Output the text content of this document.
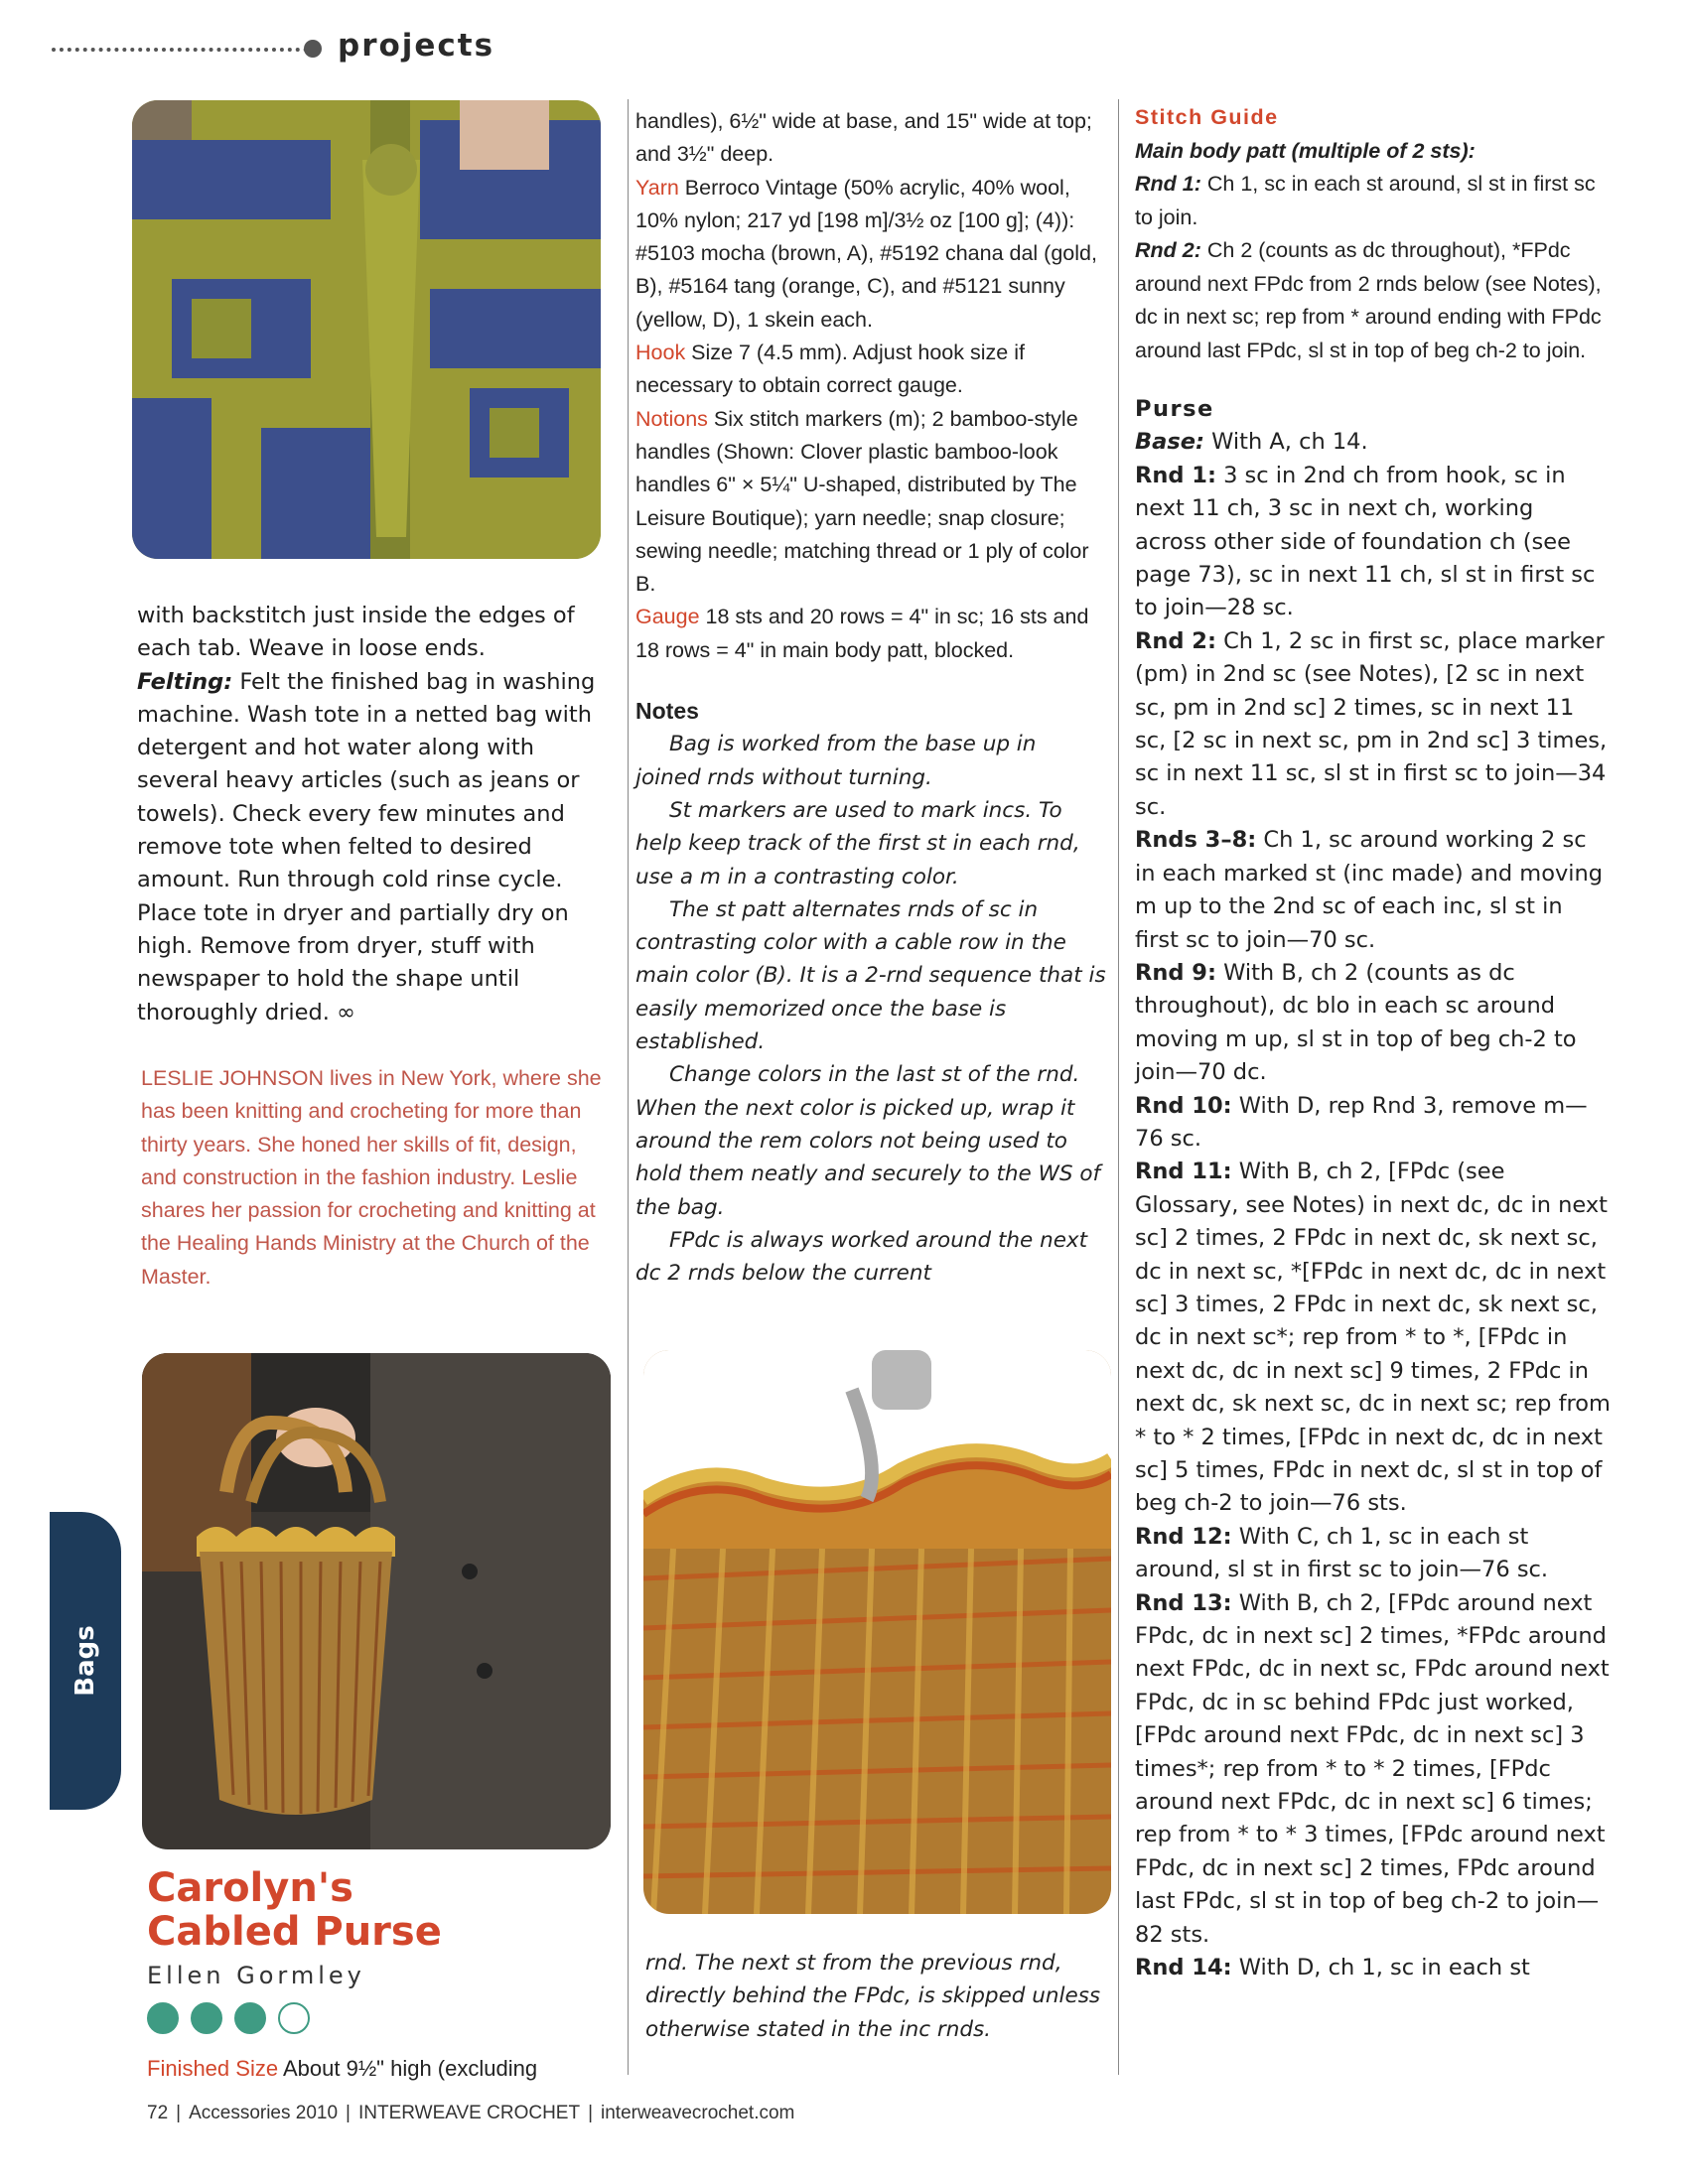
projects

with backstitch just inside the edges of each tab. Weave in loose ends.

Felting: Felt the finished bag in washing machine. Wash tote in a netted bag with detergent and hot water along with several heavy articles (such as jeans or towels). Check every few minutes and remove tote when felted to desired amount. Run through cold rinse cycle. Place tote in dryer and partially dry on high. Remove from dryer, stuff with newspaper to hold the shape until thoroughly dried. ∞

LESLIE JOHNSON lives in New York, where she has been knitting and crocheting for more than thirty years. She honed her skills of fit, design, and construction in the fashion industry. Leslie shares her passion for crocheting and knitting at the Healing Hands Ministry at the Church of the Master.
Bags
Carolyn's
Cabled Purse
Ellen Gormley
Finished Size About 9½" high (excluding

handles), 6½" wide at base, and 15" wide at top; and 3½" deep.

Yarn Berroco Vintage (50% acrylic, 40% wool, 10% nylon; 217 yd [198 m]/3½ oz [100 g]; (4)): #5103 mocha (brown, A), #5192 chana dal (gold, B), #5164 tang (orange, C), and #5121 sunny (yellow, D), 1 skein each.

Hook Size 7 (4.5 mm). Adjust hook size if necessary to obtain correct gauge.

Notions Six stitch markers (m); 2 bamboo-style handles (Shown: Clover plastic bamboo-look handles 6" × 5¼" U-shaped, distributed by The Leisure Boutique); yarn needle; snap closure; sewing needle; matching thread or 1 ply of color B.

Gauge 18 sts and 20 rows = 4" in sc; 16 sts and 18 rows = 4" in main body patt, blocked.

Notes

Bag is worked from the base up in joined rnds without turning.

St markers are used to mark incs. To help keep track of the first st in each rnd, use a m in a contrasting color.

The st patt alternates rnds of sc in contrasting color with a cable row in the main color (B). It is a 2-rnd sequence that is easily memorized once the base is established.

Change colors in the last st of the rnd. When the next color is picked up, wrap it around the rem colors not being used to hold them neatly and securely to the WS of the bag.

FPdc is always worked around the next dc 2 rnds below the current

rnd. The next st from the previous rnd, directly behind the FPdc, is skipped unless otherwise stated in the inc rnds.

Stitch Guide

Main body patt (multiple of 2 sts):

Rnd 1: Ch 1, sc in each st around, sl st in first sc to join.

Rnd 2: Ch 2 (counts as dc throughout), *FPdc around next FPdc from 2 rnds below (see Notes), dc in next sc; rep from * around ending with FPdc around last FPdc, sl st in top of beg ch-2 to join.

Purse

Base: With A, ch 14.

Rnd 1: 3 sc in 2nd ch from hook, sc in next 11 ch, 3 sc in next ch, working across other side of foundation ch (see page 73), sc in next 11 ch, sl st in first sc to join—28 sc.

Rnd 2: Ch 1, 2 sc in first sc, place marker (pm) in 2nd sc (see Notes), [2 sc in next sc, pm in 2nd sc] 2 times, sc in next 11 sc, [2 sc in next sc, pm in 2nd sc] 3 times, sc in next 11 sc, sl st in first sc to join—34 sc.

Rnds 3–8: Ch 1, sc around working 2 sc in each marked st (inc made) and moving m up to the 2nd sc of each inc, sl st in first sc to join—70 sc.

Rnd 9: With B, ch 2 (counts as dc throughout), dc blo in each sc around moving m up, sl st in top of beg ch-2 to join—70 dc.

Rnd 10: With D, rep Rnd 3, remove m—76 sc.

Rnd 11: With B, ch 2, [FPdc (see Glossary, see Notes) in next dc, dc in next sc] 2 times, 2 FPdc in next dc, sk next sc, dc in next sc, *[FPdc in next dc, dc in next sc] 3 times, 2 FPdc in next dc, sk next sc, dc in next sc*; rep from * to *, [FPdc in next dc, dc in next sc] 9 times, 2 FPdc in next dc, sk next sc, dc in next sc; rep from * to * 2 times, [FPdc in next dc, dc in next sc] 5 times, FPdc in next dc, sl st in top of beg ch-2 to join—76 sts.

Rnd 12: With C, ch 1, sc in each st around, sl st in first sc to join—76 sc.

Rnd 13: With B, ch 2, [FPdc around next FPdc, dc in next sc] 2 times, *FPdc around next FPdc, dc in next sc, FPdc around next FPdc, dc in sc behind FPdc just worked, [FPdc around next FPdc, dc in next sc] 3 times*; rep from * to * 2 times, [FPdc around next FPdc, dc in next sc] 6 times; rep from * to * 3 times, [FPdc around next FPdc, dc in next sc] 2 times, FPdc around last FPdc, sl st in top of beg ch-2 to join—82 sts.

Rnd 14: With D, ch 1, sc in each st

72 | Accessories 2010 | INTERWEAVE CROCHET | interweavecrochet.com
